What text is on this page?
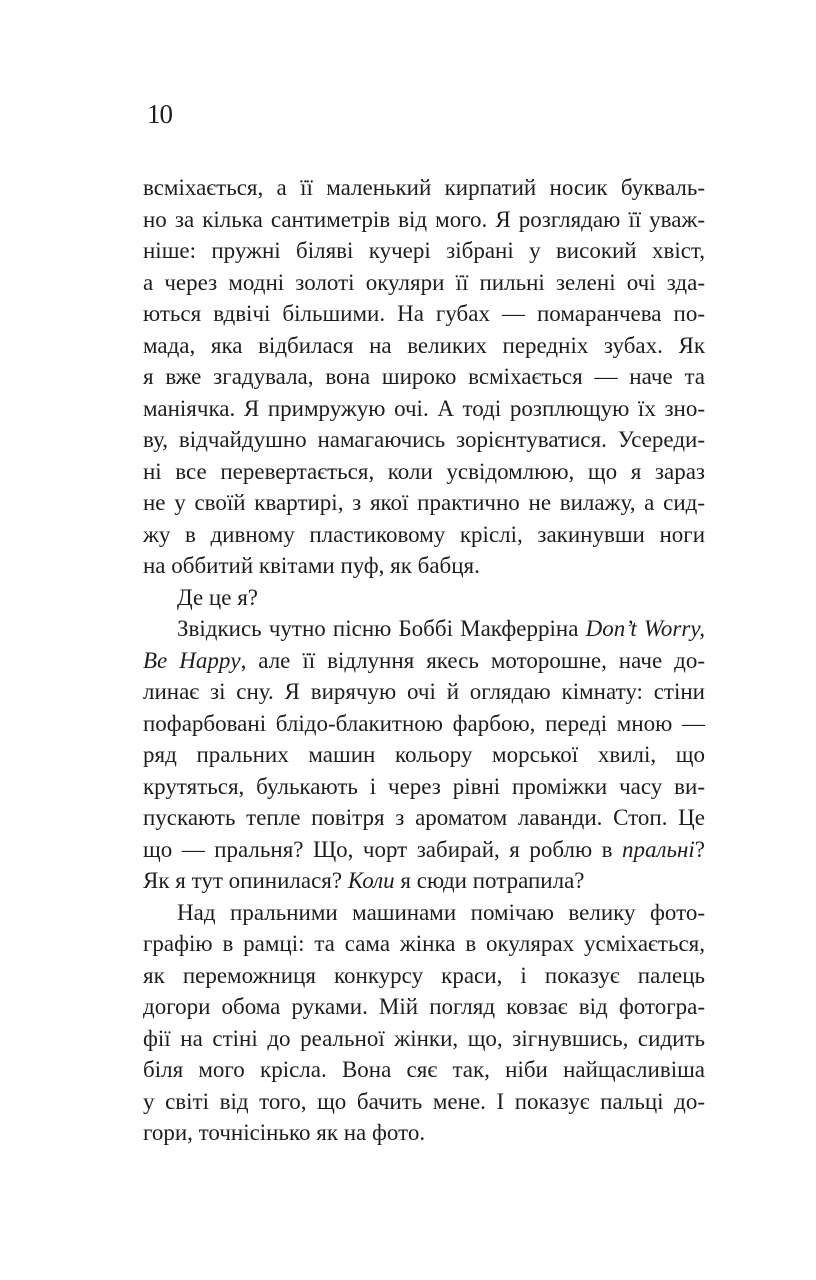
10
всміхається, а її маленький кирпатий носик букваль-
но за кілька сантиметрів від мого. Я розглядаю її уваж-
ніше: пружні біляві кучері зібрані у високий хвіст,
а через модні золоті окуляри її пильні зелені очі зда-
ються вдвічі більшими. На губах — помаранчева по-
мада, яка відбилася на великих передніх зубах. Як
я вже згадувала, вона широко всміхається — наче та
маніячка. Я примружую очі. А тоді розплющую їх зно-
ву, відчайдушно намагаючись зорієнтуватися. Усереди-
ні все перевертається, коли усвідомлюю, що я зараз
не у своїй квартирі, з якої практично не вилажу, а сид-
жу в дивному пластиковому кріслі, закинувши ноги
на оббитий квітами пуф, як бабця.
Де це я?
Звідкись чутно пісню Боббі Макферріна Don’t Worry,
Be Happy, але її відлуння якесь моторошне, наче до-
линає зі сну. Я вирячую очі й оглядаю кімнату: стіни
пофарбовані блідо-блакитною фарбою, переді мною —
ряд пральних машин кольору морської хвилі, що
крутяться, булькають і через рівні проміжки часу ви-
пускають тепле повітря з ароматом лаванди. Стоп. Це
що — пральня? Що, чорт забирай, я роблю в пральні?
Як я тут опинилася? Коли я сюди потрапила?
Над пральними машинами помічаю велику фото-
графію в рамці: та сама жінка в окулярах усміхається,
як переможниця конкурсу краси, і показує палець
догори обома руками. Мій погляд ковзає від фотогра-
фії на стіні до реальної жінки, що, зігнувшись, сидить
біля мого крісла. Вона сяє так, ніби найщасливіша
у світі від того, що бачить мене. І показує пальці до-
гори, точнісінько як на фото.
